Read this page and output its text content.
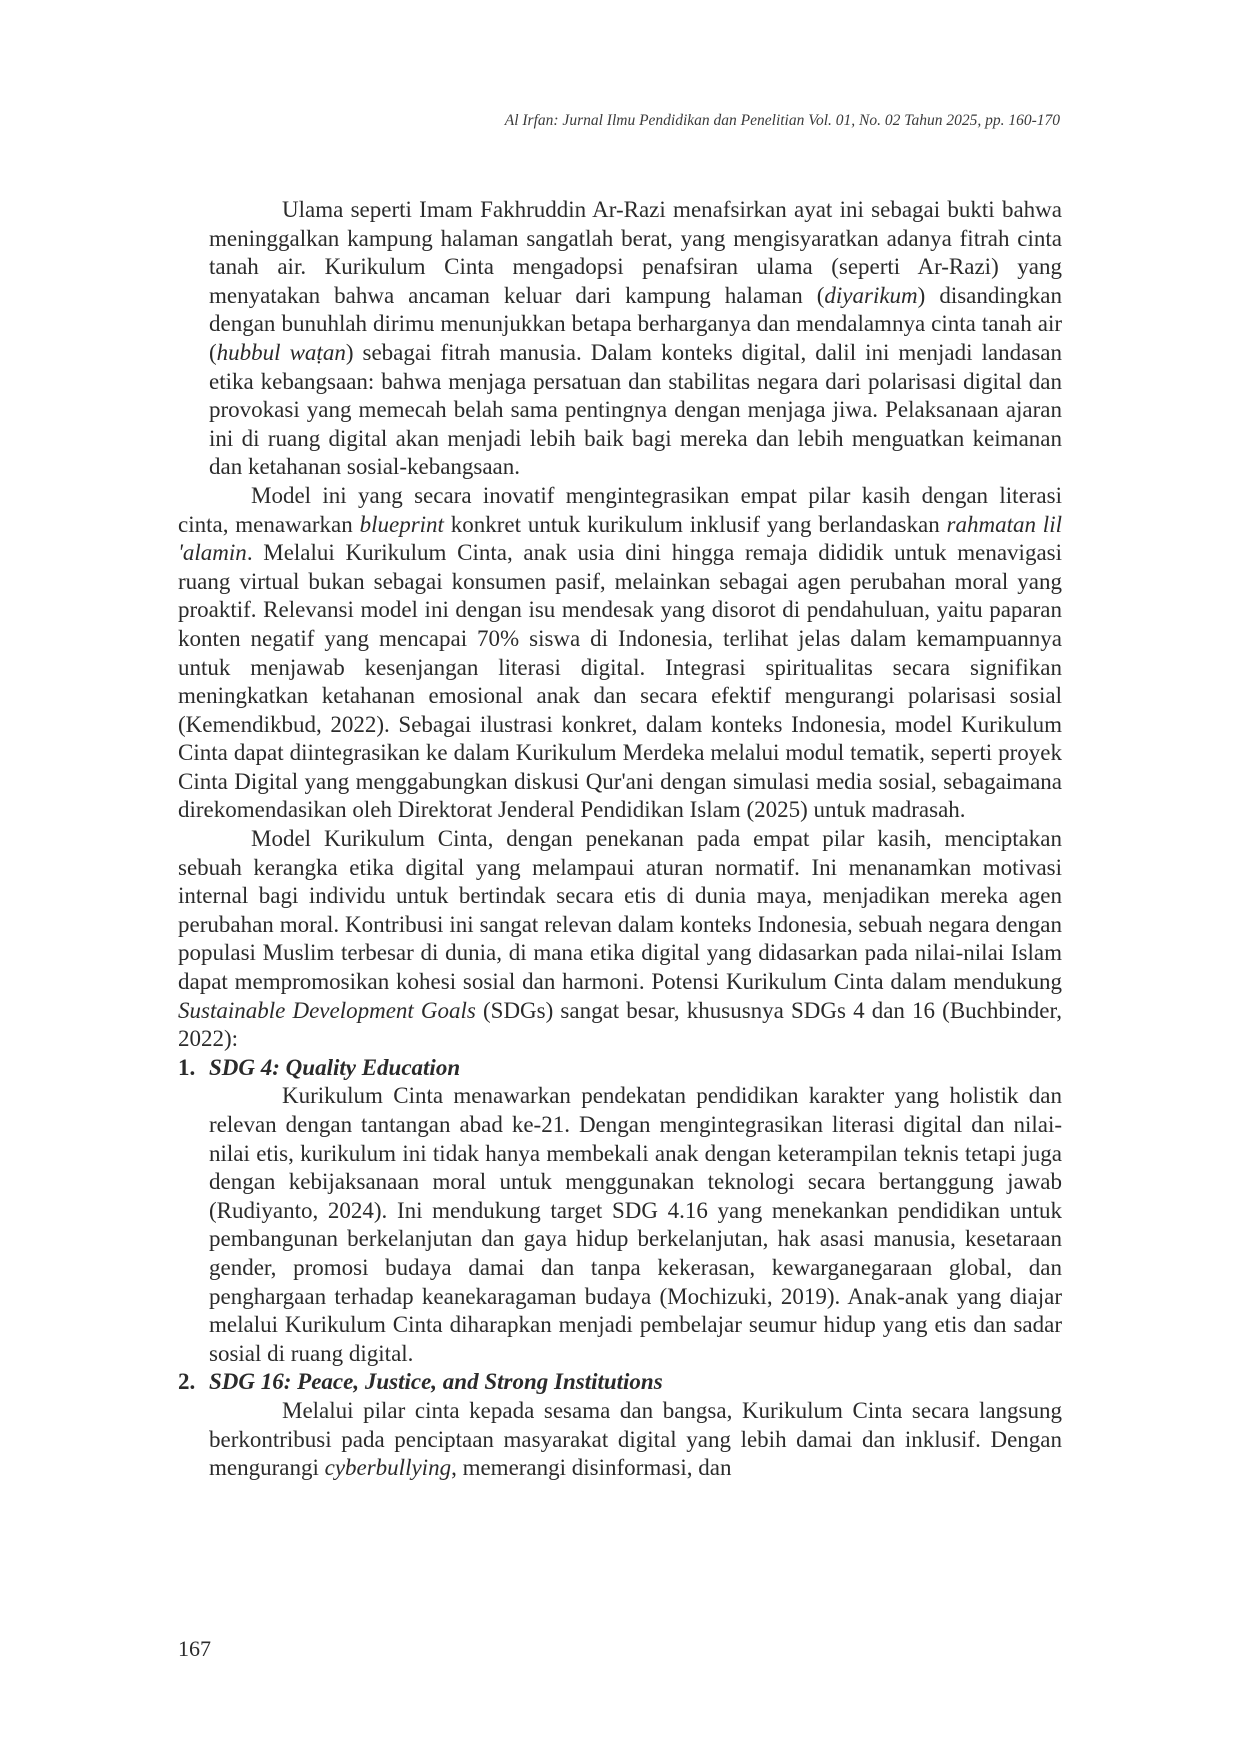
Al Irfan: Jurnal Ilmu Pendidikan dan Penelitian Vol. 01, No. 02 Tahun 2025, pp. 160-170

Ulama seperti Imam Fakhruddin Ar-Razi menafsirkan ayat ini sebagai bukti bahwa meninggalkan kampung halaman sangatlah berat, yang mengisyaratkan adanya fitrah cinta tanah air. Kurikulum Cinta mengadopsi penafsiran ulama (seperti Ar-Razi) yang menyatakan bahwa ancaman keluar dari kampung halaman (diyarikum) disandingkan dengan bunuhlah dirimu menunjukkan betapa berharganya dan mendalamnya cinta tanah air (hubbul waṭan) sebagai fitrah manusia. Dalam konteks digital, dalil ini menjadi landasan etika kebangsaan: bahwa menjaga persatuan dan stabilitas negara dari polarisasi digital dan provokasi yang memecah belah sama pentingnya dengan menjaga jiwa. Pelaksanaan ajaran ini di ruang digital akan menjadi lebih baik bagi mereka dan lebih menguatkan keimanan dan ketahanan sosial-kebangsaan.

Model ini yang secara inovatif mengintegrasikan empat pilar kasih dengan literasi cinta, menawarkan blueprint konkret untuk kurikulum inklusif yang berlandaskan rahmatan lil 'alamin. Melalui Kurikulum Cinta, anak usia dini hingga remaja dididik untuk menavigasi ruang virtual bukan sebagai konsumen pasif, melainkan sebagai agen perubahan moral yang proaktif. Relevansi model ini dengan isu mendesak yang disorot di pendahuluan, yaitu paparan konten negatif yang mencapai 70% siswa di Indonesia, terlihat jelas dalam kemampuannya untuk menjawab kesenjangan literasi digital. Integrasi spiritualitas secara signifikan meningkatkan ketahanan emosional anak dan secara efektif mengurangi polarisasi sosial (Kemendikbud, 2022). Sebagai ilustrasi konkret, dalam konteks Indonesia, model Kurikulum Cinta dapat diintegrasikan ke dalam Kurikulum Merdeka melalui modul tematik, seperti proyek Cinta Digital yang menggabungkan diskusi Qur'ani dengan simulasi media sosial, sebagaimana direkomendasikan oleh Direktorat Jenderal Pendidikan Islam (2025) untuk madrasah.

Model Kurikulum Cinta, dengan penekanan pada empat pilar kasih, menciptakan sebuah kerangka etika digital yang melampaui aturan normatif. Ini menanamkan motivasi internal bagi individu untuk bertindak secara etis di dunia maya, menjadikan mereka agen perubahan moral. Kontribusi ini sangat relevan dalam konteks Indonesia, sebuah negara dengan populasi Muslim terbesar di dunia, di mana etika digital yang didasarkan pada nilai-nilai Islam dapat mempromosikan kohesi sosial dan harmoni. Potensi Kurikulum Cinta dalam mendukung Sustainable Development Goals (SDGs) sangat besar, khususnya SDGs 4 dan 16 (Buchbinder, 2022):

1. SDG 4: Quality Education

Kurikulum Cinta menawarkan pendekatan pendidikan karakter yang holistik dan relevan dengan tantangan abad ke-21. Dengan mengintegrasikan literasi digital dan nilai-nilai etis, kurikulum ini tidak hanya membekali anak dengan keterampilan teknis tetapi juga dengan kebijaksanaan moral untuk menggunakan teknologi secara bertanggung jawab (Rudiyanto, 2024). Ini mendukung target SDG 4.16 yang menekankan pendidikan untuk pembangunan berkelanjutan dan gaya hidup berkelanjutan, hak asasi manusia, kesetaraan gender, promosi budaya damai dan tanpa kekerasan, kewarganegaraan global, dan penghargaan terhadap keanekaragaman budaya (Mochizuki, 2019). Anak-anak yang diajar melalui Kurikulum Cinta diharapkan menjadi pembelajar seumur hidup yang etis dan sadar sosial di ruang digital.

2. SDG 16: Peace, Justice, and Strong Institutions

Melalui pilar cinta kepada sesama dan bangsa, Kurikulum Cinta secara langsung berkontribusi pada penciptaan masyarakat digital yang lebih damai dan inklusif. Dengan mengurangi cyberbullying, memerangi disinformasi, dan

167
